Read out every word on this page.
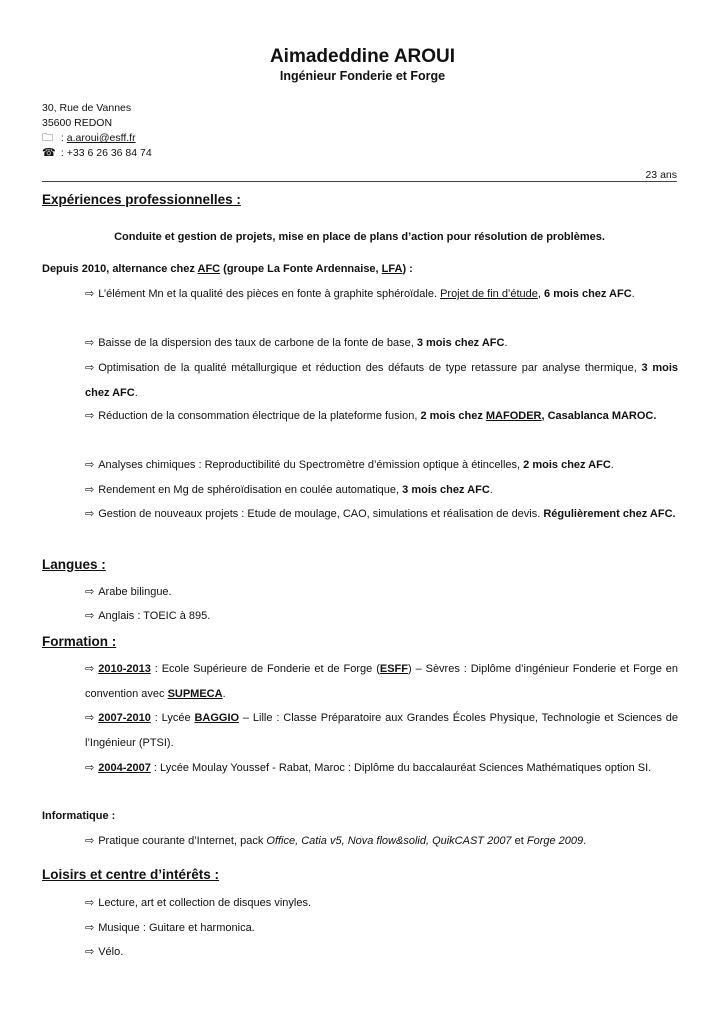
Aimadeddine AROUI
Ingénieur Fonderie et Forge
30, Rue de Vannes
35600 REDON
🗀 : a.aroui@esff.fr
☎ : +33 6 26 36 84 74
23 ans
Expériences professionnelles :
Conduite et gestion de projets, mise en place de plans d’action pour résolution de problèmes.
Depuis 2010, alternance chez AFC (groupe La Fonte Ardennaise, LFA) :
⇨ L’élément Mn et la qualité des pièces en fonte à graphite sphéroïdale. Projet de fin d’étude, 6 mois chez AFC.
⇨ Baisse de la dispersion des taux de carbone de la fonte de base, 3 mois chez AFC.
⇨ Optimisation de la qualité métallurgique et réduction des défauts de type retassure par analyse thermique, 3 mois chez AFC.
⇨ Réduction de la consommation électrique de la plateforme fusion, 2 mois chez MAFODER, Casablanca MAROC.
⇨ Analyses chimiques : Reproductibilité du Spectromètre d’émission optique à étincelles, 2 mois chez AFC.
⇨ Rendement en Mg de sphéroïdisation en coulée automatique, 3 mois chez AFC.
⇨ Gestion de nouveaux projets : Etude de moulage, CAO, simulations et réalisation de devis. Régulièrement chez AFC.
Langues :
⇨ Arabe bilingue.
⇨ Anglais : TOEIC à 895.
Formation :
⇨ 2010-2013 : Ecole Supérieure de Fonderie et de Forge (ESFF) – Sèvres : Diplôme d’ingénieur Fonderie et Forge en convention avec SUPMECA.
⇨ 2007-2010 : Lycée BAGGIO – Lille : Classe Préparatoire aux Grandes Écoles Physique, Technologie et Sciences de l’Ingénieur (PTSI).
⇨ 2004-2007 : Lycée Moulay Youssef - Rabat, Maroc : Diplôme du baccalauréat Sciences Mathématiques option SI.
Informatique :
⇨ Pratique courante d’Internet, pack Office, Catia v5, Nova flow&solid, QuikCAST 2007 et Forge 2009.
Loisirs et centre d’intérêts :
⇨ Lecture, art et collection de disques vinyles.
⇨ Musique : Guitare et harmonica.
⇨ Vélo.
